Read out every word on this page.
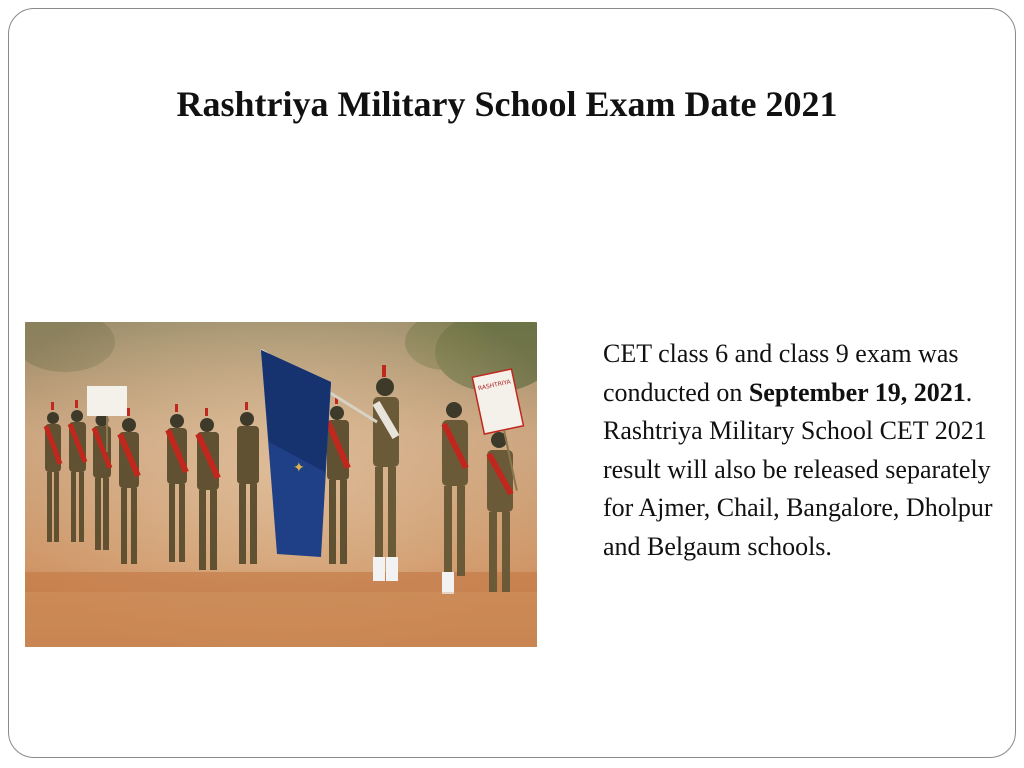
Rashtriya Military School Exam Date 2021
✦
RASHTRIYA

CET class 6 and class 9 exam was conducted on September 19, 2021. Rashtriya Military School CET 2021 result will also be released separately for Ajmer, Chail, Bangalore, Dholpur and Belgaum schools.
